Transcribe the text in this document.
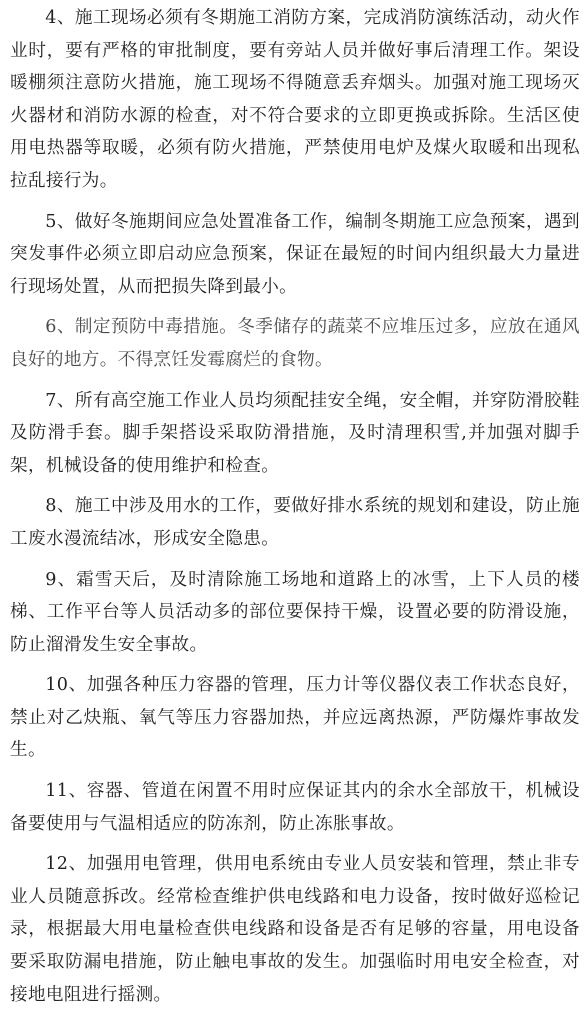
4、施工现场必须有冬期施工消防方案，完成消防演练活动，动火作业时，要有严格的审批制度，要有旁站人员并做好事后清理工作。架设暖棚须注意防火措施，施工现场不得随意丢弃烟头。加强对施工现场灭火器材和消防水源的检查，对不符合要求的立即更换或拆除。生活区使用电热器等取暖，必须有防火措施，严禁使用电炉及煤火取暖和出现私拉乱接行为。

5、做好冬施期间应急处置准备工作，编制冬期施工应急预案，遇到突发事件必须立即启动应急预案，保证在最短的时间内组织最大力量进行现场处置，从而把损失降到最小。

6、制定预防中毒措施。冬季储存的蔬菜不应堆压过多，应放在通风良好的地方。不得烹饪发霉腐烂的食物。

7、所有高空施工作业人员均须配挂安全绳，安全帽，并穿防滑胶鞋及防滑手套。脚手架搭设采取防滑措施，及时清理积雪,并加强对脚手架，机械设备的使用维护和检查。

8、施工中涉及用水的工作，要做好排水系统的规划和建设，防止施工废水漫流结冰，形成安全隐患。

9、霜雪天后，及时清除施工场地和道路上的冰雪，上下人员的楼梯、工作平台等人员活动多的部位要保持干燥，设置必要的防滑设施，防止溜滑发生安全事故。

10、加强各种压力容器的管理，压力计等仪器仪表工作状态良好，禁止对乙炔瓶、氧气等压力容器加热，并应远离热源，严防爆炸事故发生。

11、容器、管道在闲置不用时应保证其内的余水全部放干，机械设备要使用与气温相适应的防冻剂，防止冻胀事故。

12、加强用电管理，供用电系统由专业人员安装和管理，禁止非专业人员随意拆改。经常检查维护供电线路和电力设备，按时做好巡检记录，根据最大用电量检查供电线路和设备是否有足够的容量，用电设备要采取防漏电措施，防止触电事故的发生。加强临时用电安全检查，对接地电阻进行摇测。
